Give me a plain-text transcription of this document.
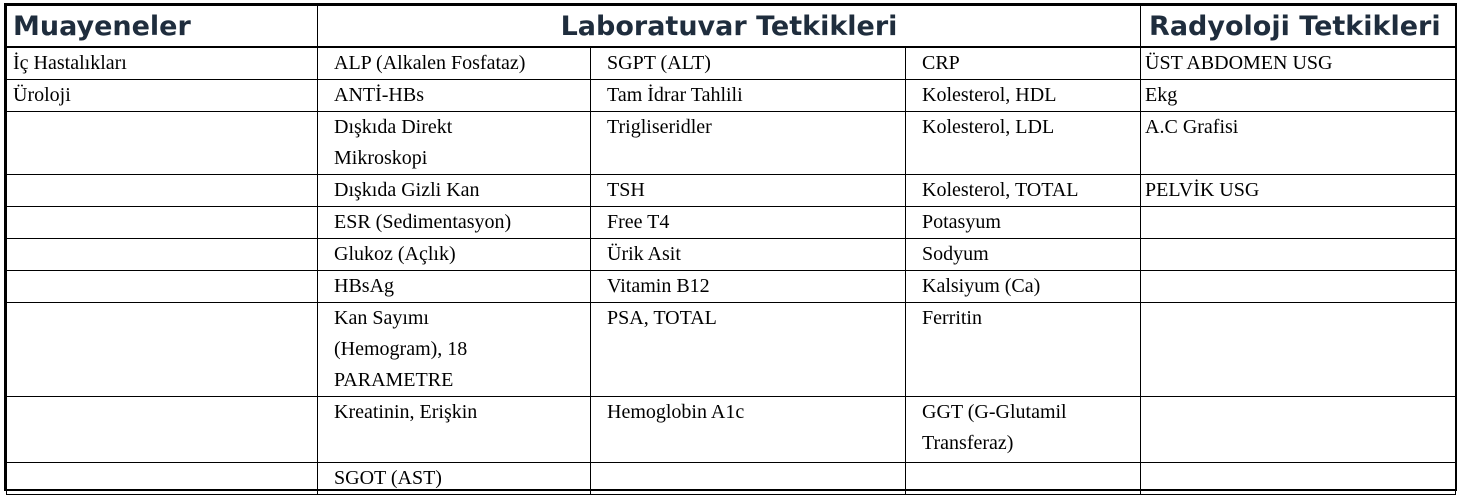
Muayeneler	Laboratuvar Tetkikleri			Radyoloji Tetkikleri
İç Hastalıkları	ALP (Alkalen Fosfataz)	SGPT (ALT)	CRP	ÜST ABDOMEN USG
Üroloji	ANTİ-HBs	Tam İdrar Tahlili	Kolesterol, HDL	Ekg
	Dışkıda Direkt Mikroskopi	Trigliseridler	Kolesterol, LDL	A.C Grafisi
	Dışkıda Gizli Kan	TSH	Kolesterol, TOTAL	PELVİK USG
	ESR (Sedimentasyon)	Free T4	Potasyum	
	Glukoz (Açlık)	Ürik Asit	Sodyum	
	HBsAg	Vitamin B12	Kalsiyum (Ca)	
	Kan Sayımı (Hemogram), 18 PARAMETRE	PSA, TOTAL	Ferritin	
	Kreatinin, Erişkin	Hemoglobin A1c	GGT (G-Glutamil Transferaz)	
	SGOT (AST)			
